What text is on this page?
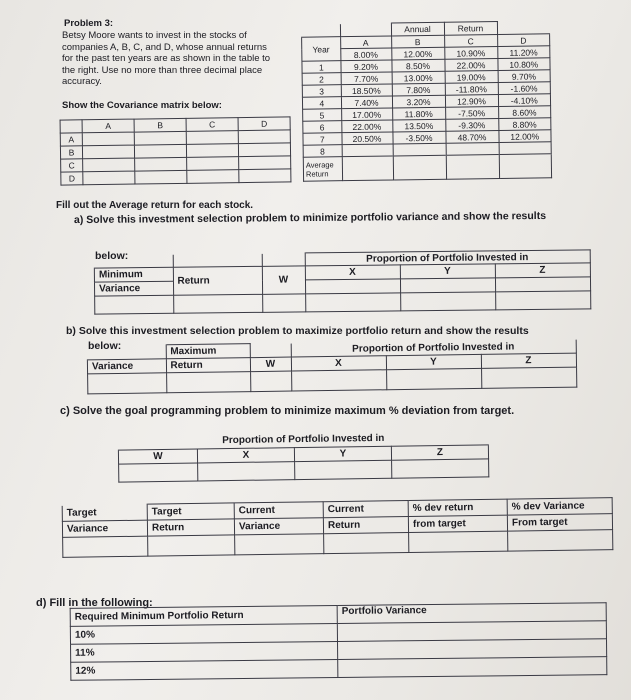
Problem 3:
Betsy Moore wants to invest in the stocks of
companies A, B, C, and D, whose annual returns
for the past ten years are as shown in the table to
the right. Use no more than three decimal place
accuracy.
Show the Covariance matrix below:
	A	B	C	D
A				
B				
C				
D				
		Annual	Return	
Year	A	B	C	D
	8.00%	12.00%	10.90%	11.20%
1	9.20%	8.50%	22.00%	10.80%
2	7.70%	13.00%	19.00%	9.70%
3	18.50%	7.80%	-11.80%	-1.60%
4	7.40%	3.20%	12.90%	-4.10%
5	17.00%	11.80%	-7.50%	8.60%
6	22.00%	13.50%	-9.30%	8.80%
7	20.50%	-3.50%	48.70%	12.00%
8				

Average
Return				

Fill out the Average return for each stock.
a) Solve this investment selection problem to minimize portfolio variance and show the results
below:
				Proportion of Portfolio Invested in		
Minimum	Return	W	X	Y	Z
Variance					

b) Solve this investment selection problem to maximize portfolio return and show the results
below:
		Maximum		Proportion of Portfolio Invested in		
Variance	Return	W	X	Y	Z

c) Solve the goal programming problem to minimize maximum % deviation from target.
Proportion of Portfolio Invested in			
W	X	Y	Z

Target	Target	Current	Current	% dev return	% dev Variance
Variance	Return	Variance	Return	from target	From target

d) Fill in the following:
Required Minimum Portfolio Return	Portfolio Variance
10%	
11%	
12%	
